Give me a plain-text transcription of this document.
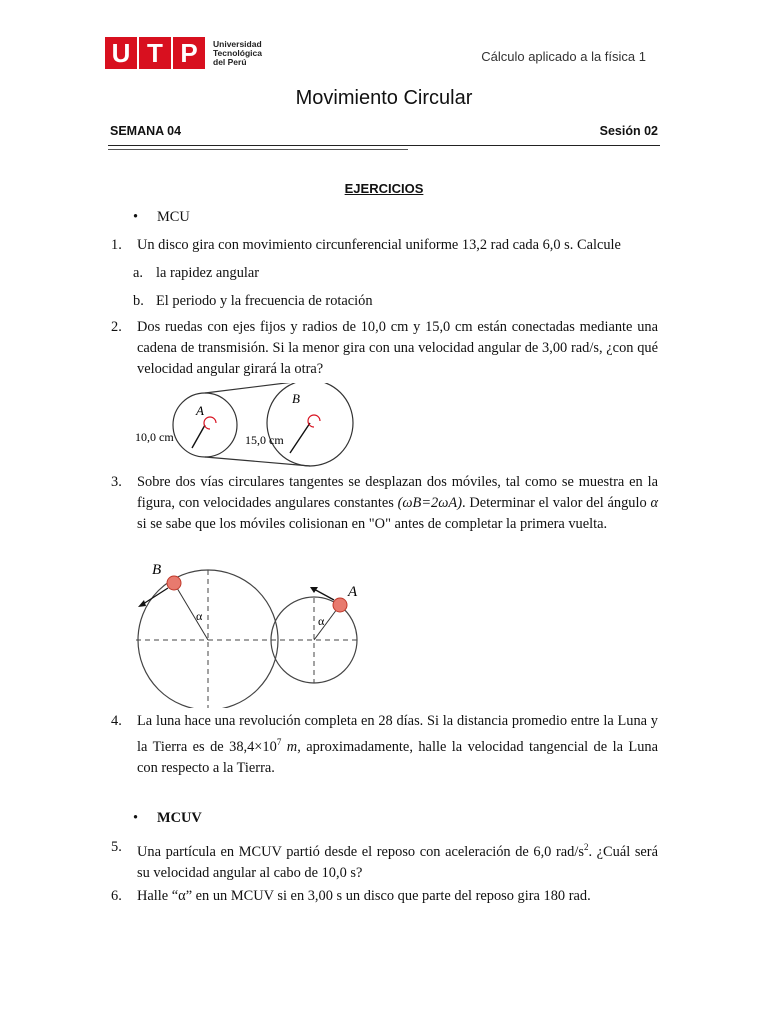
U T P	Universidad
Tecnológica
del Perú	Cálculo aplicado a la física 1
Movimiento Circular
SEMANA 04	Sesión 02
EJERCICIOS
• MCU
1. Un disco gira con movimiento circunferencial uniforme 13,2 rad cada 6,0 s. Calcule
a. la rapidez angular
b. El periodo y la frecuencia de rotación
2. Dos ruedas con ejes fijos y radios de 10,0 cm y 15,0 cm están conectadas mediante una cadena de transmisión. Si la menor gira con una velocidad angular de 3,00 rad/s, ¿con qué velocidad angular girará la otra?
A
B
10,0 cm	15,0 cm
3. Sobre dos vías circulares tangentes se desplazan dos móviles, tal como se muestra en la figura, con velocidades angulares constantes (ωB=2ωA). Determinar el valor del ángulo α si se sabe que los móviles colisionan en "O" antes de completar la primera vuelta.
B
A
α	α
4. La luna hace una revolución completa en 28 días. Si la distancia promedio entre la Luna y la Tierra es de $38,4\times 10^7$ m, aproximadamente, halle la velocidad tangencial de la Luna con respecto a la Tierra.
• MCUV
5. Una partícula en MCUV partió desde el reposo con aceleración de 6,0 rad/$s^2$. ¿Cuál será su velocidad angular al cabo de 10,0 s?
6. Halle “α” en un MCUV si en 3,00 s un disco que parte del reposo gira 180 rad.
